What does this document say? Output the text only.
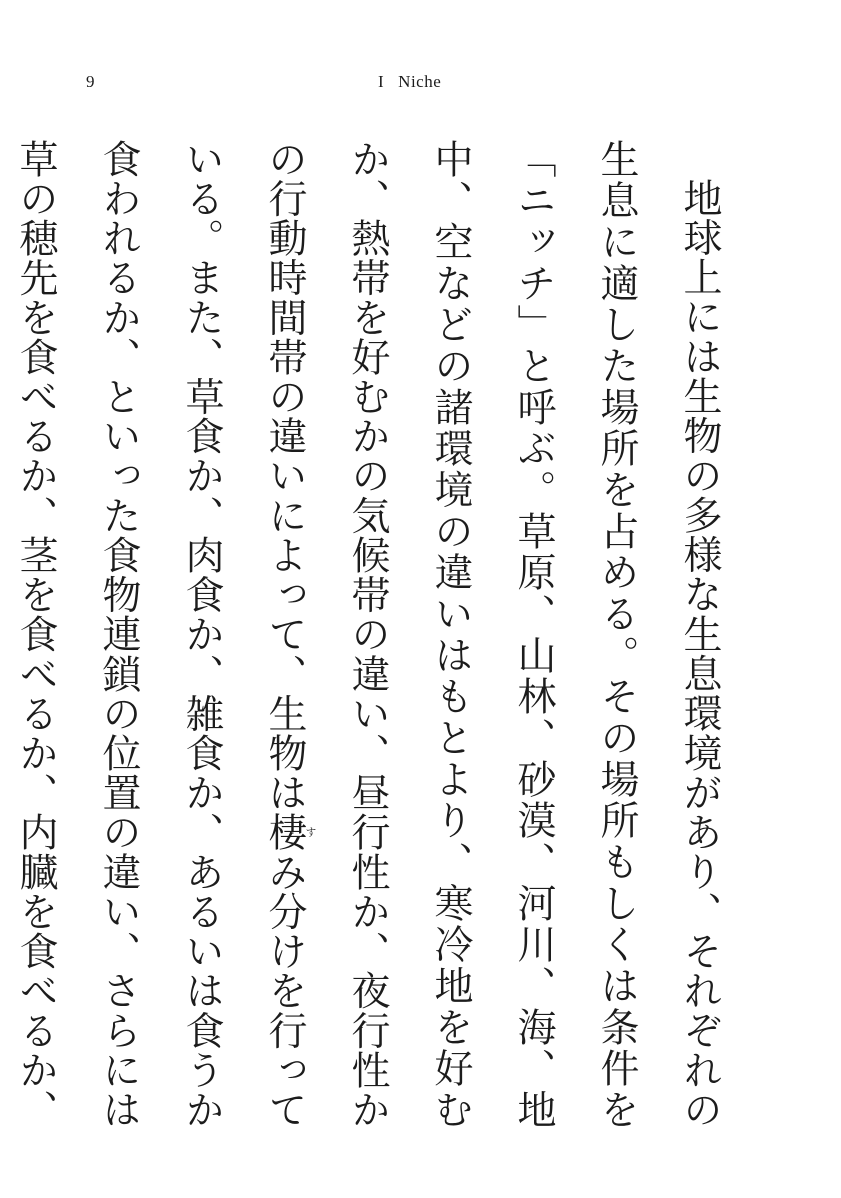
9	I Niche

地球上には生物の多様な生息環境があり、それぞれの生息に適した場所を占める。その場所もしくは条件を「ニッチ」と呼ぶ。草原、山林、砂漠、河川、海、地中、空などの諸環境の違いはもとより、寒冷地を好むか、熱帯を好むかの気候帯の違い、昼行性か、夜行性かの行動時間帯の違いによって、生物は棲すみ分けを行っている。また、草食か、肉食か、雑食か、あるいは食うか食われるか、といった食物連鎖の位置の違い、さらには草の穂先を食べるか、茎を食べるか、内臓を食べるか、
